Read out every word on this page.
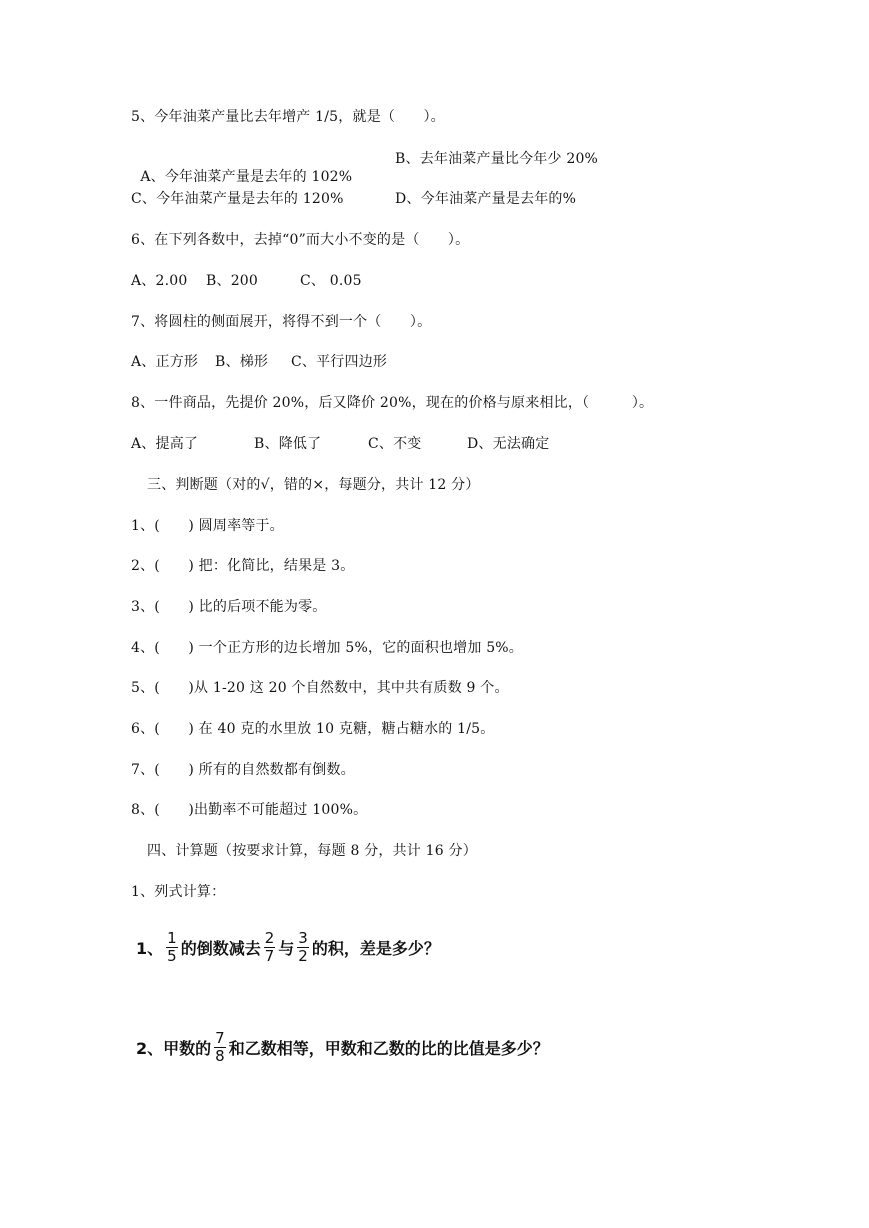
5、今年油菜产量比去年增产 1/5，就是（　　）。

A、今年油菜产量是去年的 102%

B、去年油菜产量比今年少 20%
C、今年油菜产量是去年的 120%	D、今年油菜产量是去年的%
6、在下列各数中，去掉“0”而大小不变的是（　　）。
A、2.00 B、200	C、 0.05
7、将圆柱的侧面展开，将得不到一个（　　）。
A、正方形 B、梯形 C、平行四边形
8、一件商品，先提价 20%，后又降价 20%，现在的价格与原来相比，（　　　）。
A、提高了	B、降低了	C、不变	D、无法确定
三、判断题（对的√，错的×，每题分，共计 12 分）
1、(　　) 圆周率等于。
2、(　　) 把：化简比，结果是 3。
3、(　　) 比的后项不能为零。
4、(　　) 一个正方形的边长增加 5%，它的面积也增加 5%。
5、(　　)从 1-20 这 20 个自然数中，其中共有质数 9 个。
6、(　　) 在 40 克的水里放 10 克糖，糖占糖水的 1/5。
7、(　　) 所有的自然数都有倒数。
8、(　　)出勤率不可能超过 100%。
四、计算题（按要求计算，每题 8 分，共计 16 分）
1、列式计算：
1、 $\frac{1}{5}$ 的倒数减去 $\frac{2}{7}$ 与 $\frac{3}{2}$ 的积，差是多少？
2、甲数的 $\frac{7}{8}$ 和乙数相等，甲数和乙数的比的比值是多少？
